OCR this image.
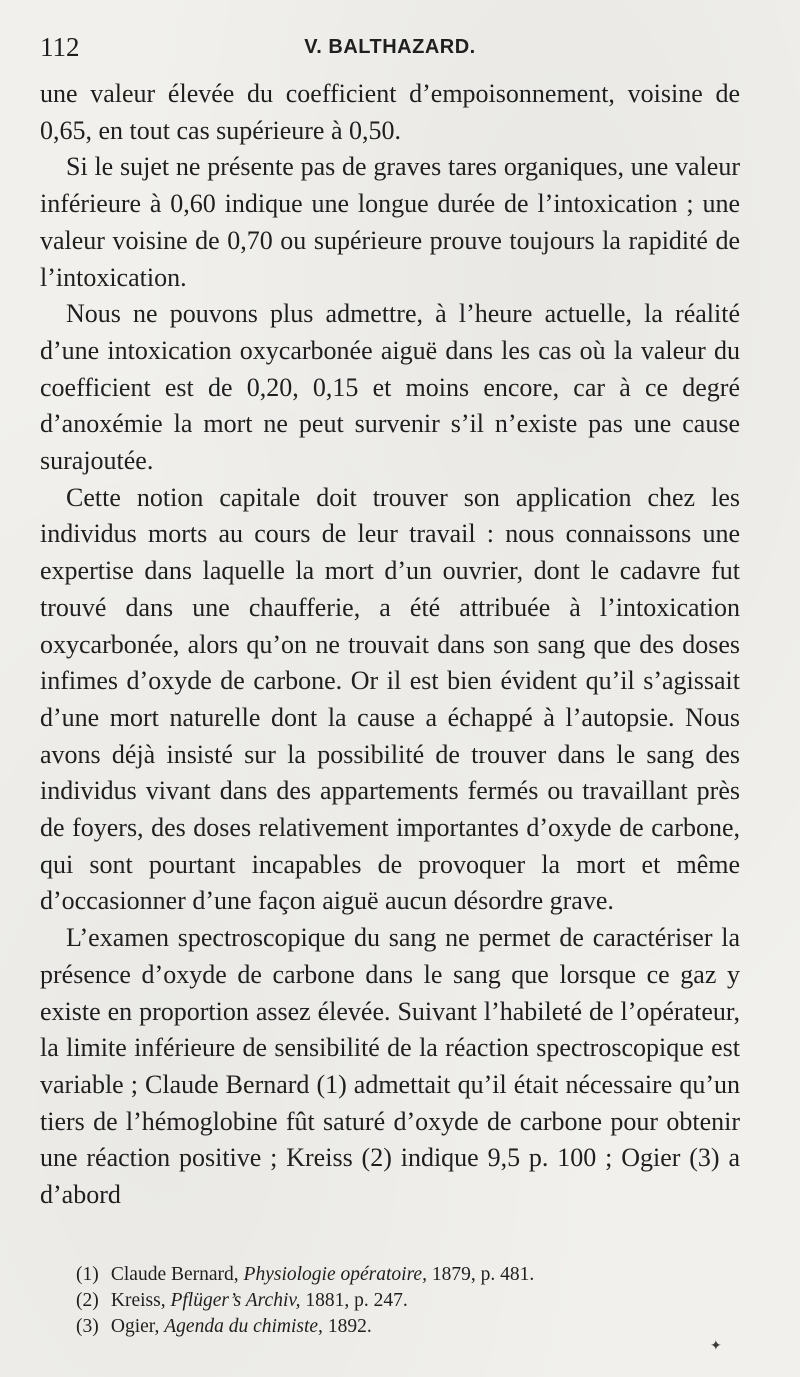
112	V. BALTHAZARD.

une valeur élevée du coefficient d’empoisonnement, voisine de 0,65, en tout cas supérieure à 0,50.

Si le sujet ne présente pas de graves tares organiques, une valeur inférieure à 0,60 indique une longue durée de l’intoxication ; une valeur voisine de 0,70 ou supérieure prouve toujours la rapidité de l’intoxication.

Nous ne pouvons plus admettre, à l’heure actuelle, la réalité d’une intoxication oxycarbonée aiguë dans les cas où la valeur du coefficient est de 0,20, 0,15 et moins encore, car à ce degré d’anoxémie la mort ne peut survenir s’il n’existe pas une cause surajoutée.

Cette notion capitale doit trouver son application chez les individus morts au cours de leur travail : nous connaissons une expertise dans laquelle la mort d’un ouvrier, dont le cadavre fut trouvé dans une chaufferie, a été attribuée à l’intoxication oxycarbonée, alors qu’on ne trouvait dans son sang que des doses infimes d’oxyde de carbone. Or il est bien évident qu’il s’agissait d’une mort naturelle dont la cause a échappé à l’autopsie. Nous avons déjà insisté sur la possibilité de trouver dans le sang des individus vivant dans des appartements fermés ou travaillant près de foyers, des doses relativement importantes d’oxyde de carbone, qui sont pourtant incapables de provoquer la mort et même d’occasionner d’une façon aiguë aucun désordre grave.

L’examen spectroscopique du sang ne permet de caractériser la présence d’oxyde de carbone dans le sang que lorsque ce gaz y existe en proportion assez élevée. Suivant l’habileté de l’opérateur, la limite inférieure de sensibilité de la réaction spectroscopique est variable ; Claude Bernard (1) admettait qu’il était nécessaire qu’un tiers de l’hémoglobine fût saturé d’oxyde de carbone pour obtenir une réaction positive ; Kreiss (2) indique 9,5 p. 100 ; Ogier (3) a d’abord

(1) Claude Bernard, Physiologie opératoire, 1879, p. 481.

(2) Kreiss, Pflüger’s Archiv, 1881, p. 247.

(3) Ogier, Agenda du chimiste, 1892.

✦
